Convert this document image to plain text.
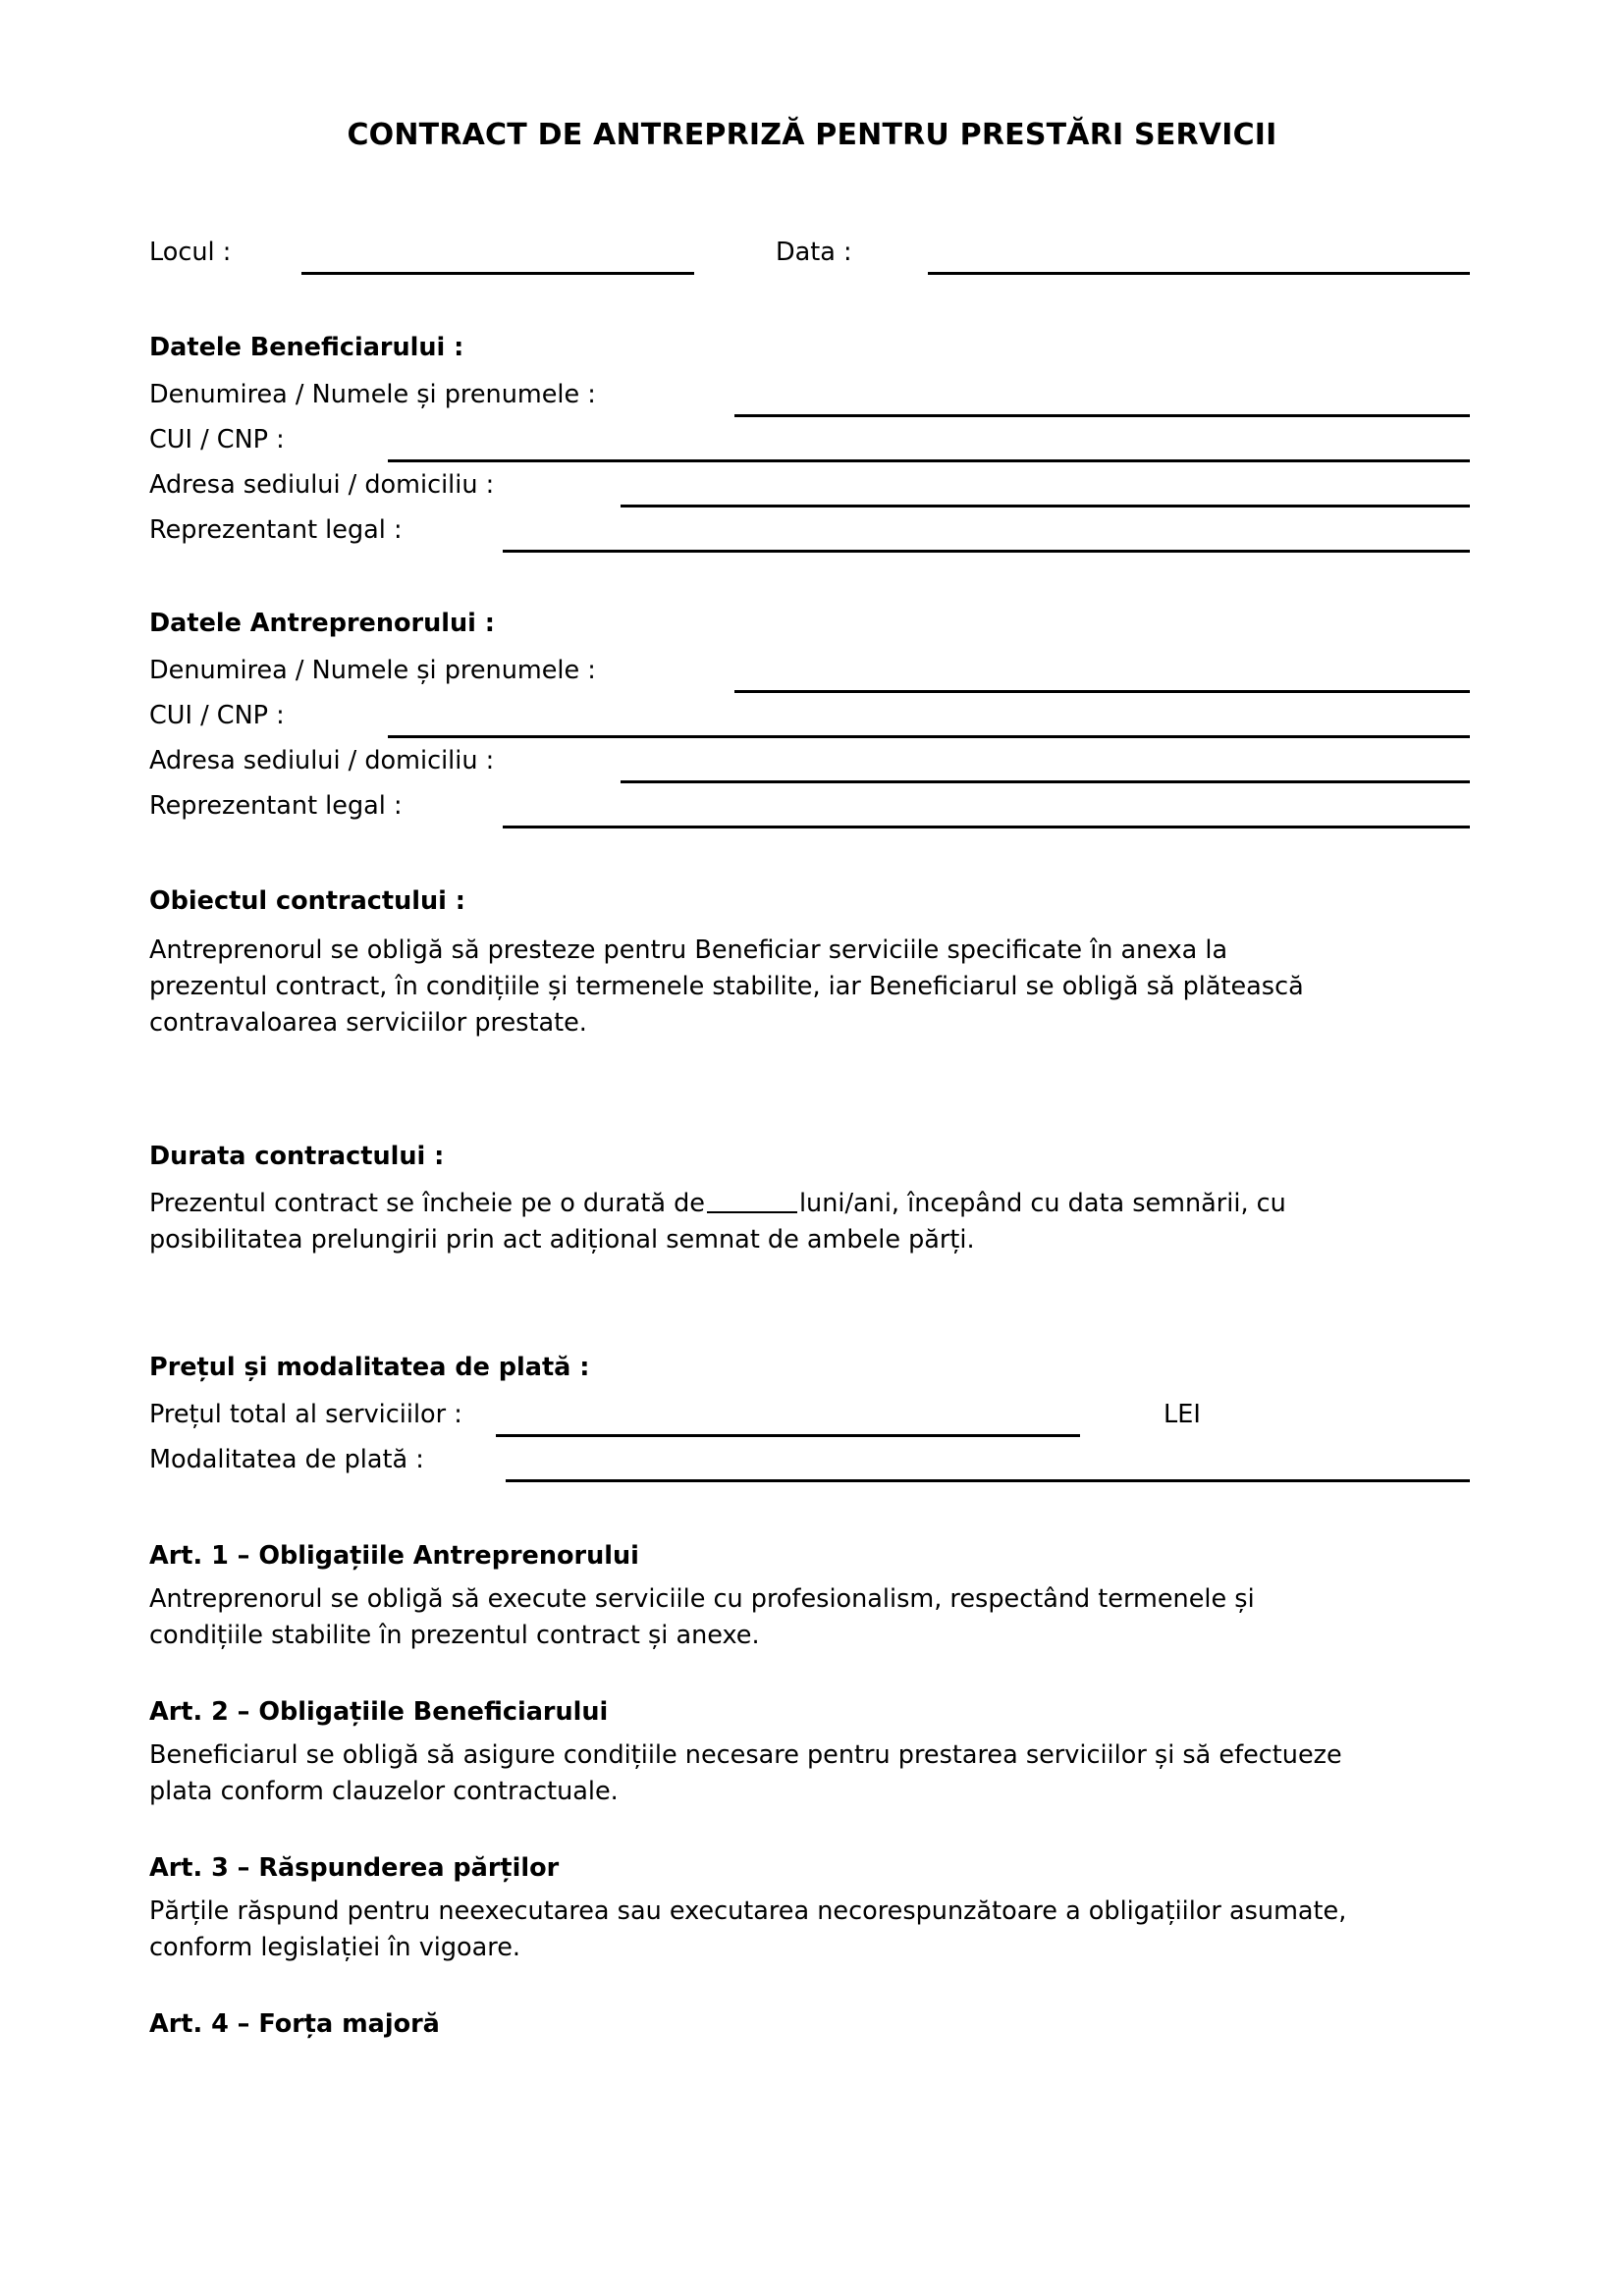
CONTRACT DE ANTREPRIZĂ PENTRU PRESTĂRI SERVICII
Locul :	Data :
Datele Beneficiarului :
Denumirea / Numele și prenumele :
CUI / CNP :
Adresa sediului / domiciliu :
Reprezentant legal :
Datele Antreprenorului :
Denumirea / Numele și prenumele :
CUI / CNP :
Adresa sediului / domiciliu :
Reprezentant legal :
Obiectul contractului :
Antreprenorul se obligă să presteze pentru Beneficiar serviciile specificate în anexa la
prezentul contract, în condițiile și termenele stabilite, iar Beneficiarul se obligă să plătească
contravaloarea serviciilor prestate.
Durata contractului :
Prezentul contract se încheie pe o durată de	luni/ani, începând cu data semnării, cu
posibilitatea prelungirii prin act adițional semnat de ambele părți.
Prețul și modalitatea de plată :
Prețul total al serviciilor :	LEI
Modalitatea de plată :
Art. 1 – Obligațiile Antreprenorului
Antreprenorul se obligă să execute serviciile cu profesionalism, respectând termenele și
condițiile stabilite în prezentul contract și anexe.
Art. 2 – Obligațiile Beneficiarului
Beneficiarul se obligă să asigure condițiile necesare pentru prestarea serviciilor și să efectueze
plata conform clauzelor contractuale.
Art. 3 – Răspunderea părților
Părțile răspund pentru neexecutarea sau executarea necorespunzătoare a obligațiilor asumate,
conform legislației în vigoare.
Art. 4 – Forța majoră
